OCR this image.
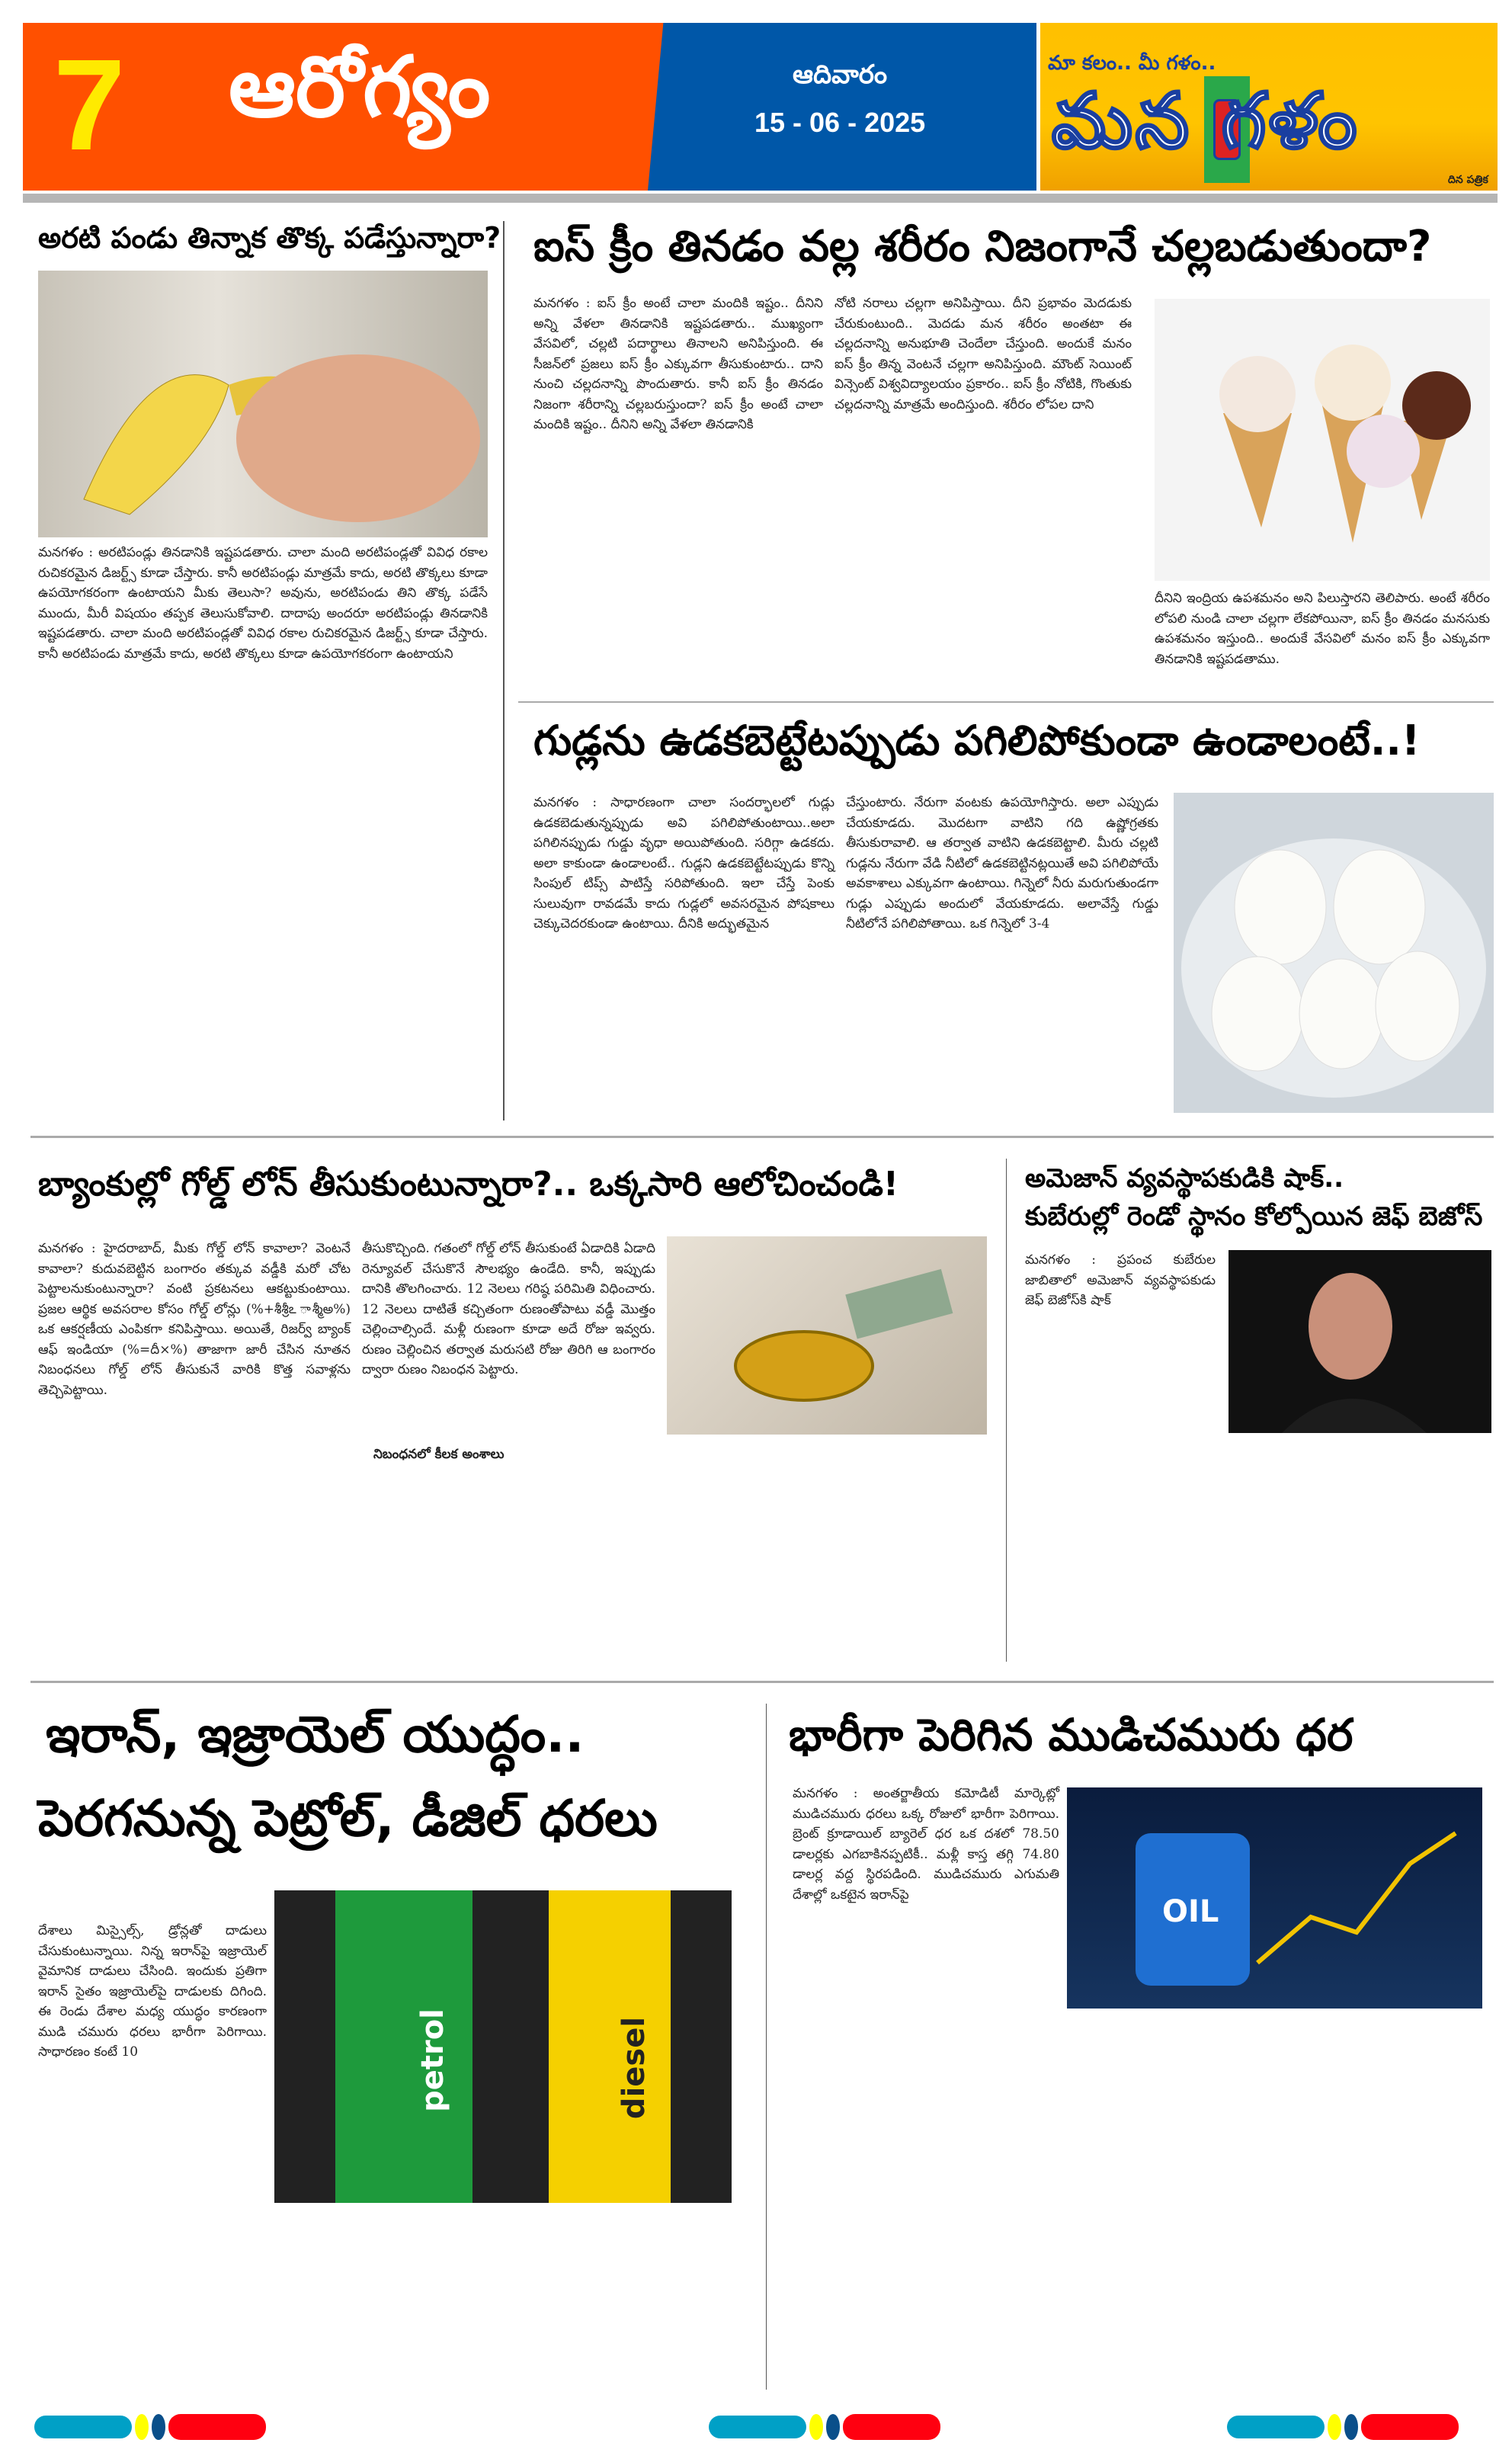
7 ఆరోగ్యం	ఆదివారం
15 - 06 - 2025
మా కలం.. మీ గళం..
మన గళం
దిన పత్రిక
అరటి పండు తిన్నాక తొక్క పడేస్తున్నారా?
మనగళం : అరటిపండ్లు తినడానికి ఇష్టపడతారు. చాలా మంది అరటిపండ్లతో వివిధ రకాల రుచికరమైన డిజర్ట్స్ కూడా చేస్తారు. కానీ అరటిపండ్లు మాత్రమే కాదు, అరటి తొక్కలు కూడా ఉపయోగకరంగా ఉంటాయని మీకు తెలుసా? అవును, అరటిపండు తిని తొక్క పడేసే ముందు, మీరీ విషయం తప్పక తెలుసుకోవాలి. దాదాపు అందరూ అరటిపండ్లు తినడానికి ఇష్టపడతారు. చాలా మంది అరటిపండ్లతో వివిధ రకాల రుచికరమైన డిజర్ట్స్ కూడా చేస్తారు. కానీ అరటిపండు మాత్రమే కాదు, అరటి తొక్కలు కూడా ఉపయోగకరంగా ఉంటాయని
ఐస్ క్రీం తినడం వల్ల శరీరం నిజంగానే చల్లబడుతుందా?
మనగళం : ఐస్ క్రీం అంటే చాలా మందికి ఇష్టం.. దీనిని అన్ని వేళలా తినడానికి ఇష్టపడతారు.. ముఖ్యంగా వేసవిలో, చల్లటి పదార్థాలు తినాలని అనిపిస్తుంది. ఈ సీజన్‌లో ప్రజలు ఐస్ క్రీం ఎక్కువగా తీసుకుంటారు.. దాని నుంచి చల్లదనాన్ని పొందుతారు. కానీ ఐస్ క్రీం తినడం నిజంగా శరీరాన్ని చల్లబరుస్తుందా? ఐస్ క్రీం అంటే చాలా మందికి ఇష్టం.. దీనిని అన్ని వేళలా తినడానికి
నోటి నరాలు చల్లగా అనిపిస్తాయి. దీని ప్రభావం మెదడుకు చేరుకుంటుంది.. మెదడు మన శరీరం అంతటా ఈ చల్లదనాన్ని అనుభూతి చెందేలా చేస్తుంది. అందుకే మనం ఐస్ క్రీం తిన్న వెంటనే చల్లగా అనిపిస్తుంది. మౌంట్ సెయింట్ విన్సెంట్ విశ్వవిద్యాలయం ప్రకారం.. ఐస్ క్రీం నోటికి, గొంతుకు చల్లదనాన్ని మాత్రమే అందిస్తుంది. శరీరం లోపల దాని
దీనిని ఇంద్రియ ఉపశమనం అని పిలుస్తారని తెలిపారు. అంటే శరీరం లోపలి నుండి చాలా చల్లగా లేకపోయినా, ఐస్ క్రీం తినడం మనసుకు ఉపశమనం ఇస్తుంది.. అందుకే వేసవిలో మనం ఐస్ క్రీం ఎక్కువగా తినడానికి ఇష్టపడతాము.
గుడ్లను ఉడకబెట్టేటప్పుడు పగిలిపోకుండా ఉండాలంటే..!
మనగళం : సాధారణంగా చాలా సందర్భాలలో గుడ్లు ఉడకబెడుతున్నప్పుడు అవి పగిలిపోతుంటాయి..అలా పగిలినప్పుడు గుడ్డు వృధా అయిపోతుంది. సరిగ్గా ఉడకదు. అలా కాకుండా ఉండాలంటే.. గుడ్లని ఉడకబెట్టేటప్పుడు కొన్ని సింపుల్ టిప్స్ పాటిస్తే సరిపోతుంది. ఇలా చేస్తే పెంకు సులువుగా రావడమే కాదు గుడ్లలో అవసరమైన పోషకాలు చెక్కుచెదరకుండా ఉంటాయి. దీనికి అద్భుతమైన
చేస్తుంటారు. నేరుగా వంటకు ఉపయోగిస్తారు. అలా ఎప్పుడు చేయకూడదు. మొదటగా వాటిని గది ఉష్ణోగ్రతకు తీసుకురావాలి. ఆ తర్వాత వాటిని ఉడకబెట్టాలి. మీరు చల్లటి గుడ్లను నేరుగా వేడి నీటిలో ఉడకబెట్టినట్లయితే అవి పగిలిపోయే అవకాశాలు ఎక్కువగా ఉంటాయి. గిన్నెలో నీరు మరుగుతుండగా గుడ్లు ఎప్పుడు అందులో వేయకూడదు. అలావేస్తే గుడ్డు నీటిలోనే పగిలిపోతాయి. ఒక గిన్నెలో 3-4
బ్యాంకుల్లో గోల్డ్ లోన్ తీసుకుంటున్నారా?.. ఒక్కసారి ఆలోచించండి!
మనగళం : హైదరాబాద్, మీకు గోల్డ్ లోన్ కావాలా? వెంటనే కావాలా? కుదువబెట్టిన బంగారం తక్కువ వడ్డీకి మరో చోట పెట్టాలనుకుంటున్నారా? వంటి ప్రకటనలు ఆకట్టుకుంటాయి. ప్రజల ఆర్థిక అవసరాల కోసం గోల్డ్ లోన్లు (%+శీశ్రీఽ ాశ్మీఅ%) ఒక ఆకర్షణీయ ఎంపికగా కనిపిస్తాయి. అయితే, రిజర్వ్ బ్యాంక్ ఆఫ్ ఇండియా (%=దీ×%) తాజాగా జారీ చేసిన నూతన నిబంధనలు గోల్డ్ లోన్ తీసుకునే వారికి కొత్త సవాళ్లను తెచ్చిపెట్టాయి.
తీసుకొచ్చింది. గతంలో గోల్డ్ లోన్ తీసుకుంటే ఏడాదికి ఏడాది రెన్యూవల్ చేసుకొనే సౌలభ్యం ఉండేది. కానీ, ఇప్పుడు దానికి తొలగించారు. 12 నెలలు గరిష్ఠ పరిమితి విధించారు. 12 నెలలు దాటితే కచ్చితంగా రుణంతోపాటు వడ్డీ మొత్తం చెల్లించాల్సిందే. మళ్లీ రుణంగా కూడా అదే రోజు ఇవ్వరు. రుణం చెల్లించిన తర్వాత మరుసటి రోజు తిరిగి ఆ బంగారం ద్వారా రుణం నిబంధన పెట్టారు.
నిబంధనలో కీలక అంశాలు
అమెజాన్ వ్యవస్థాపకుడికి షాక్..
కుబేరుల్లో రెండో స్థానం కోల్పోయిన జెఫ్ బెజోస్
మనగళం : ప్రపంచ కుబేరుల జాబితాలో అమెజాన్ వ్యవస్థాపకుడు జెఫ్ బెజోస్‌కి షాక్
ఇరాన్, ఇజ్రాయెల్ యుద్ధం..
పెరగనున్న పెట్రోల్, డీజిల్ ధరలు
దేశాలు మిస్సైల్స్, డ్రోన్లతో దాడులు చేసుకుంటున్నాయి. నిన్న ఇరాన్‌పై ఇజ్రాయెల్ వైమానిక దాడులు చేసింది. ఇందుకు ప్రతిగా ఇరాన్ సైతం ఇజ్రాయెల్‌పై దాడులకు దిగింది. ఈ రెండు దేశాల మధ్య యుద్ధం కారణంగా ముడి చమురు ధరలు భారీగా పెరిగాయి. సాధారణం కంటే 10	petrol	diesel
భారీగా పెరిగిన ముడిచమురు ధర
మనగళం : అంతర్జాతీయ కమోడిటీ మార్కెట్లో ముడిచమురు ధరలు ఒక్క రోజులో భారీగా పెరిగాయి. బ్రెంట్ క్రూడాయిల్ బ్యారెల్ ధర ఒక దశలో 78.50 డాలర్లకు ఎగబాకినప్పటికీ.. మళ్లీ కాస్త తగ్గి 74.80 డాలర్ల వద్ద స్థిరపడింది. ముడిచమురు ఎగుమతి దేశాల్లో ఒకటైన ఇరాన్‌పై	OIL
